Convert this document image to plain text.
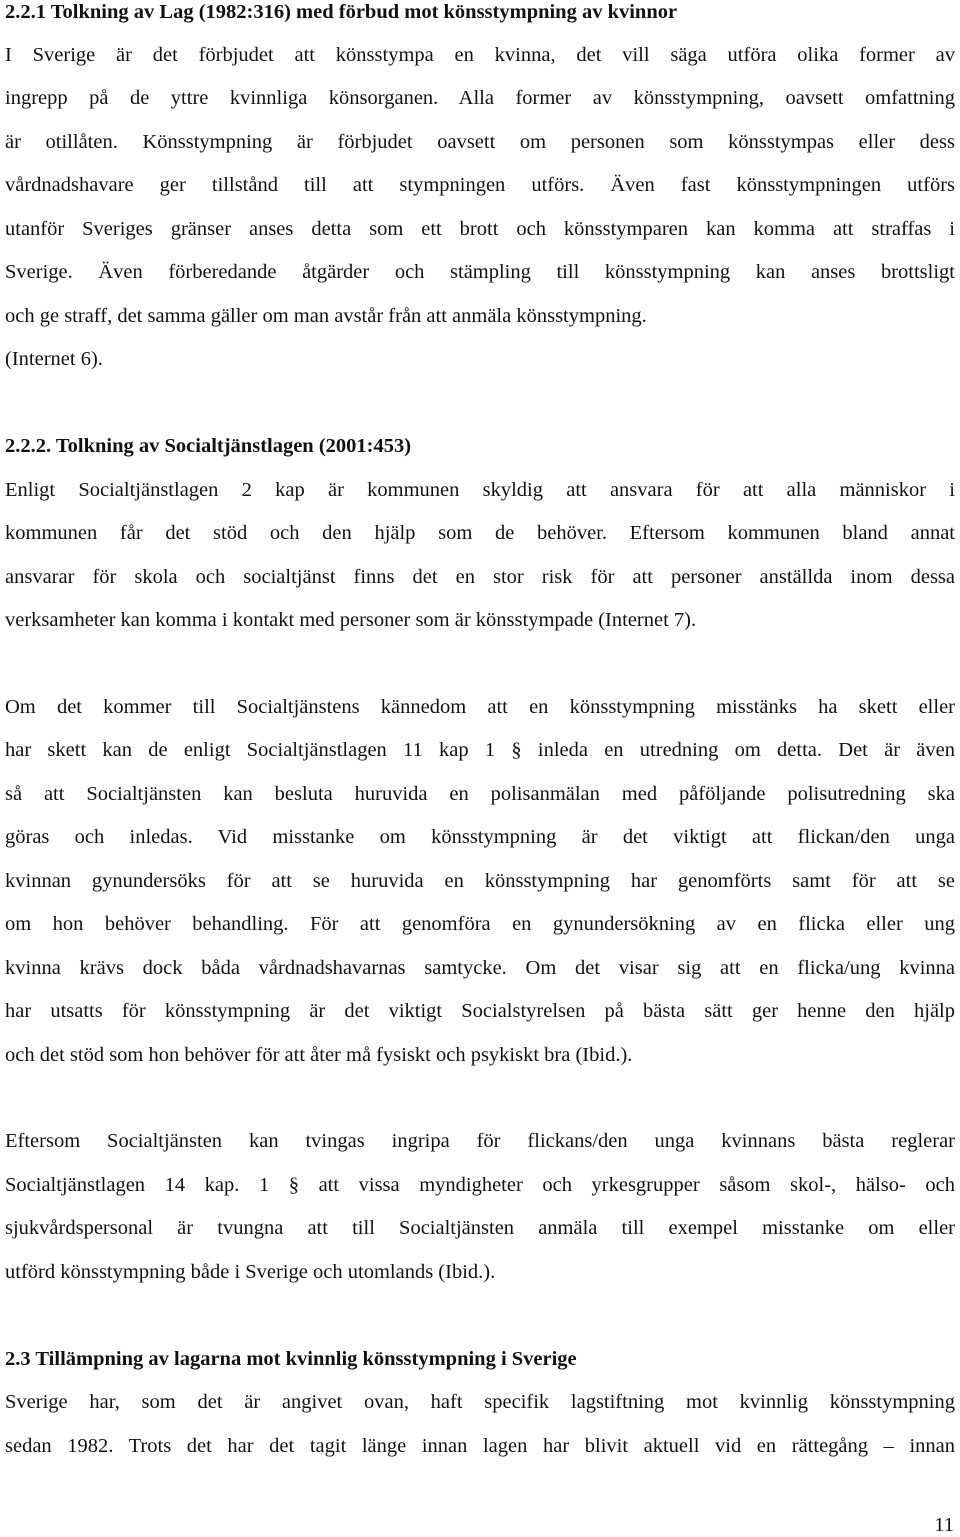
2.2.1 Tolkning av Lag (1982:316) med förbud mot könsstympning av kvinnor
I Sverige är det förbjudet att könsstympa en kvinna, det vill säga utföra olika former av
ingrepp på de yttre kvinnliga könsorganen. Alla former av könsstympning, oavsett omfattning
är otillåten. Könsstympning är förbjudet oavsett om personen som könsstympas eller dess
vårdnadshavare ger tillstånd till att stympningen utförs. Även fast könsstympningen utförs
utanför Sveriges gränser anses detta som ett brott och könsstymparen kan komma att straffas i
Sverige. Även förberedande åtgärder och stämpling till könsstympning kan anses brottsligt
och ge straff, det samma gäller om man avstår från att anmäla könsstympning.
(Internet 6).
2.2.2. Tolkning av Socialtjänstlagen (2001:453)
Enligt Socialtjänstlagen 2 kap är kommunen skyldig att ansvara för att alla människor i
kommunen får det stöd och den hjälp som de behöver. Eftersom kommunen bland annat
ansvarar för skola och socialtjänst finns det en stor risk för att personer anställda inom dessa
verksamheter kan komma i kontakt med personer som är könsstympade (Internet 7).
Om det kommer till Socialtjänstens kännedom att en könsstympning misstänks ha skett eller
har skett kan de enligt Socialtjänstlagen 11 kap 1 § inleda en utredning om detta. Det är även
så att Socialtjänsten kan besluta huruvida en polisanmälan med påföljande polisutredning ska
göras och inledas. Vid misstanke om könsstympning är det viktigt att flickan/den unga
kvinnan gynundersöks för att se huruvida en könsstympning har genomförts samt för att se
om hon behöver behandling. För att genomföra en gynundersökning av en flicka eller ung
kvinna krävs dock båda vårdnadshavarnas samtycke. Om det visar sig att en flicka/ung kvinna
har utsatts för könsstympning är det viktigt Socialstyrelsen på bästa sätt ger henne den hjälp
och det stöd som hon behöver för att åter må fysiskt och psykiskt bra (Ibid.).
Eftersom Socialtjänsten kan tvingas ingripa för flickans/den unga kvinnans bästa reglerar
Socialtjänstlagen 14 kap. 1 § att vissa myndigheter och yrkesgrupper såsom skol-, hälso- och
sjukvårdspersonal är tvungna att till Socialtjänsten anmäla till exempel misstanke om eller
utförd könsstympning både i Sverige och utomlands (Ibid.).
2.3 Tillämpning av lagarna mot kvinnlig könsstympning i Sverige
Sverige har, som det är angivet ovan, haft specifik lagstiftning mot kvinnlig könsstympning
sedan 1982. Trots det har det tagit länge innan lagen har blivit aktuell vid en rättegång – innan
11
